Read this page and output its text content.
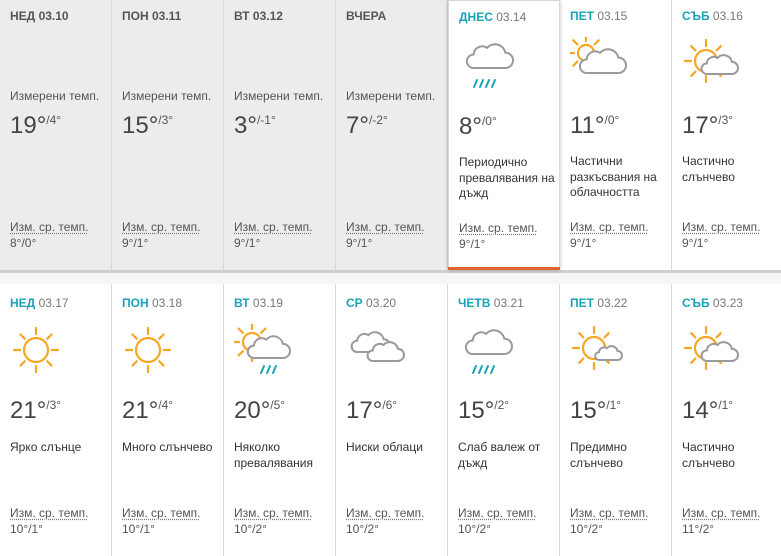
НЕД 03.10
Измерени темп.
19°$^{/4^\circ}$
Изм. ср. темп.
8°/0°
ПОН 03.11
Измерени темп.
15°$^{/3^\circ}$
Изм. ср. темп.
9°/1°
ВТ 03.12
Измерени темп.
3°$^{/-1^\circ}$
Изм. ср. темп.
9°/1°
ВЧЕРА
Измерени темп.
7°$^{/-2^\circ}$
Изм. ср. темп.
9°/1°
ДНЕС 03.14
8°$^{/0^\circ}$
Периодично превалявания на дъжд
Изм. ср. темп.
9°/1°
ПЕТ 03.15
11°$^{/0^\circ}$
Частични разкъсвания на облачността
Изм. ср. темп.
9°/1°
СЪБ 03.16
17°$^{/3^\circ}$
Частично слънчево
Изм. ср. темп.
9°/1°
НЕД 03.17
21°$^{/3^\circ}$
Ярко слънце
Изм. ср. темп.
10°/1°
ПОН 03.18
21°$^{/4^\circ}$
Много слънчево
Изм. ср. темп.
10°/1°
ВТ 03.19
20°$^{/5^\circ}$
Няколко превалявания
Изм. ср. темп.
10°/2°
СР 03.20
17°$^{/6^\circ}$
Ниски облаци
Изм. ср. темп.
10°/2°
ЧЕТВ 03.21
15°$^{/2^\circ}$
Слаб валеж от дъжд
Изм. ср. темп.
10°/2°
ПЕТ 03.22
15°$^{/1^\circ}$
Предимно слънчево
Изм. ср. темп.
10°/2°
СЪБ 03.23
14°$^{/1^\circ}$
Частично слънчево
Изм. ср. темп.
11°/2°
